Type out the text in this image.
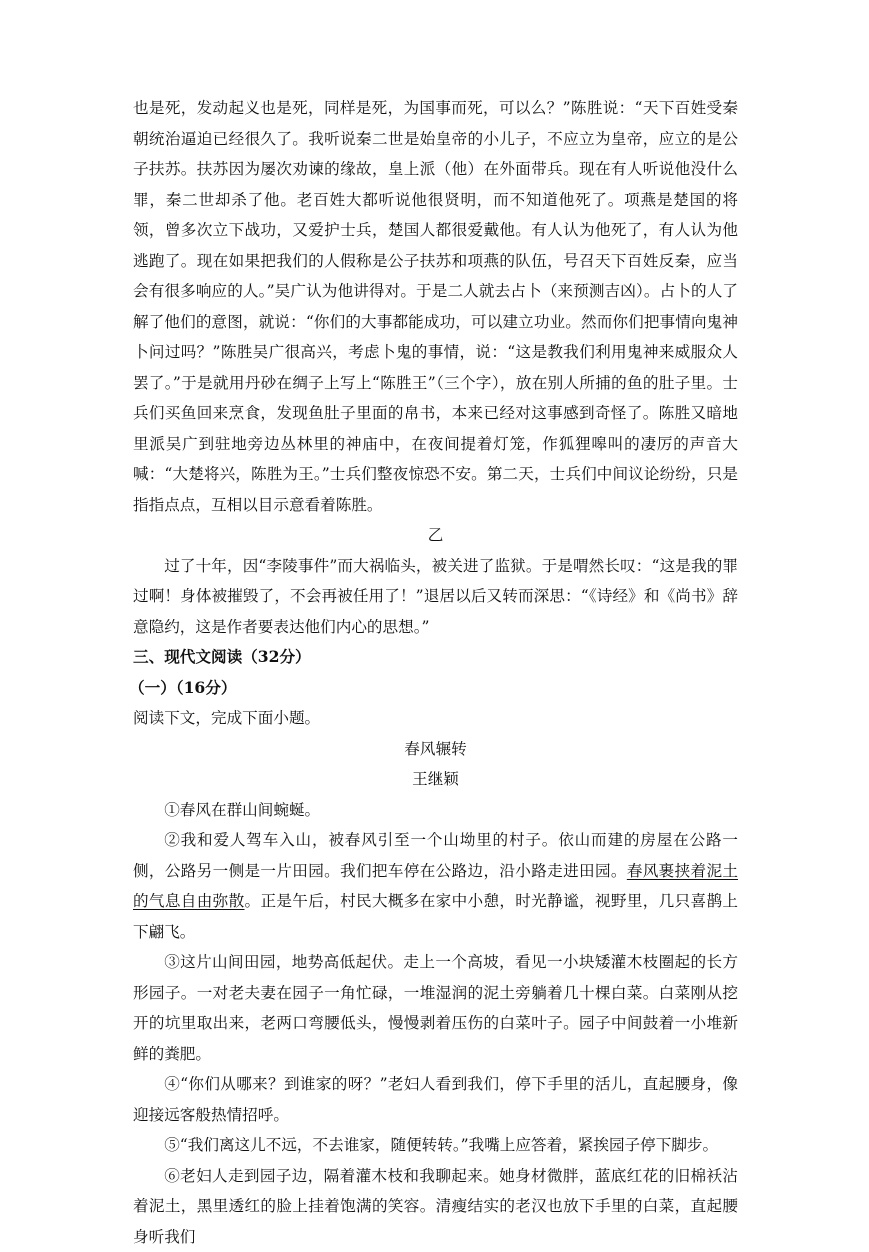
也是死，发动起义也是死，同样是死，为国事而死，可以么？”陈胜说：“天下百姓受秦朝统治逼迫已经很久了。我听说秦二世是始皇帝的小儿子，不应立为皇帝，应立的是公子扶苏。扶苏因为屡次劝谏的缘故，皇上派（他）在外面带兵。现在有人听说他没什么罪，秦二世却杀了他。老百姓大都听说他很贤明，而不知道他死了。项燕是楚国的将领，曾多次立下战功，又爱护士兵，楚国人都很爱戴他。有人认为他死了，有人认为他逃跑了。现在如果把我们的人假称是公子扶苏和项燕的队伍，号召天下百姓反秦，应当会有很多响应的人。”吴广认为他讲得对。于是二人就去占卜（来预测吉凶）。占卜的人了解了他们的意图，就说：“你们的大事都能成功，可以建立功业。然而你们把事情向鬼神卜问过吗？”陈胜吴广很高兴，考虑卜鬼的事情，说：“这是教我们利用鬼神来威服众人罢了。”于是就用丹砂在绸子上写上“陈胜王”（三个字），放在别人所捕的鱼的肚子里。士兵们买鱼回来烹食，发现鱼肚子里面的帛书，本来已经对这事感到奇怪了。陈胜又暗地里派吴广到驻地旁边丛林里的神庙中，在夜间提着灯笼，作狐狸嗥叫的凄厉的声音大喊：“大楚将兴，陈胜为王。”士兵们整夜惊恐不安。第二天，士兵们中间议论纷纷，只是指指点点，互相以目示意看着陈胜。

乙

过了十年，因“李陵事件”而大祸临头，被关进了监狱。于是喟然长叹：“这是我的罪过啊！身体被摧毁了，不会再被任用了！”退居以后又转而深思：“《诗经》和《尚书》辞意隐约，这是作者要表达他们内心的思想。”

三、现代文阅读（32分）

（一）（16分）

阅读下文，完成下面小题。

春风辗转

王继颖

①春风在群山间蜿蜒。

②我和爱人驾车入山，被春风引至一个山坳里的村子。依山而建的房屋在公路一侧，公路另一侧是一片田园。我们把车停在公路边，沿小路走进田园。春风裹挟着泥土的气息自由弥散。正是午后，村民大概多在家中小憩，时光静谧，视野里，几只喜鹊上下翩飞。

③这片山间田园，地势高低起伏。走上一个高坡，看见一小块矮灌木枝圈起的长方形园子。一对老夫妻在园子一角忙碌，一堆湿润的泥土旁躺着几十棵白菜。白菜刚从挖开的坑里取出来，老两口弯腰低头，慢慢剥着压伤的白菜叶子。园子中间鼓着一小堆新鲜的粪肥。

④“你们从哪来？到谁家的呀？”老妇人看到我们，停下手里的活儿，直起腰身，像迎接远客般热情招呼。

⑤“我们离这儿不远，不去谁家，随便转转。”我嘴上应答着，紧挨园子停下脚步。

⑥老妇人走到园子边，隔着灌木枝和我聊起来。她身材微胖，蓝底红花的旧棉袄沾着泥土，黑里透红的脸上挂着饱满的笑容。清瘦结实的老汉也放下手里的白菜，直起腰身听我们
